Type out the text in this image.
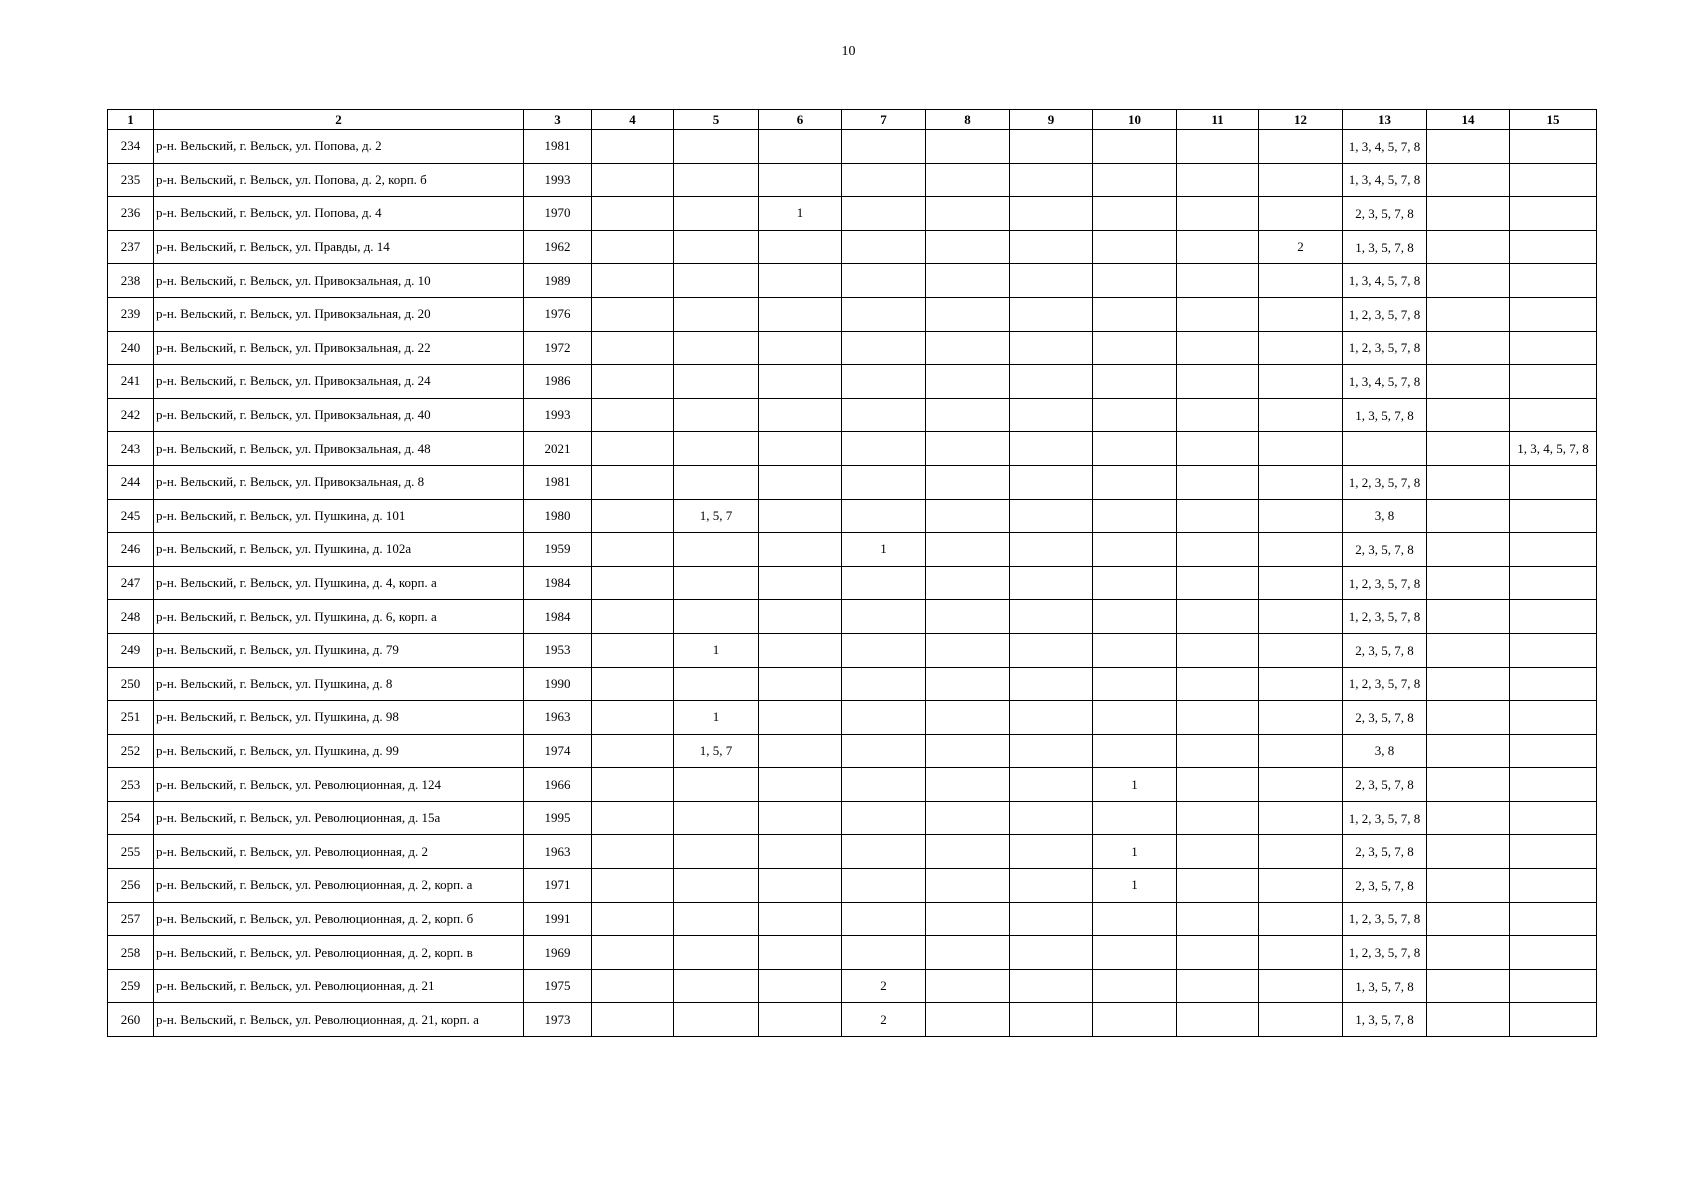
10
1	2	3	4	5	6	7	8	9	10	11	12	13	14	15
234	р-н. Вельский, г. Вельск, ул. Попова, д. 2	1981										1, 3, 4, 5, 7, 8		
235	р-н. Вельский, г. Вельск, ул. Попова, д. 2, корп. б	1993										1, 3, 4, 5, 7, 8		
236	р-н. Вельский, г. Вельск, ул. Попова, д. 4	1970			1							2, 3, 5, 7, 8		
237	р-н. Вельский, г. Вельск, ул. Правды, д. 14	1962									2	1, 3, 5, 7, 8		
238	р-н. Вельский, г. Вельск, ул. Привокзальная, д. 10	1989										1, 3, 4, 5, 7, 8		
239	р-н. Вельский, г. Вельск, ул. Привокзальная, д. 20	1976										1, 2, 3, 5, 7, 8		
240	р-н. Вельский, г. Вельск, ул. Привокзальная, д. 22	1972										1, 2, 3, 5, 7, 8		
241	р-н. Вельский, г. Вельск, ул. Привокзальная, д. 24	1986										1, 3, 4, 5, 7, 8		
242	р-н. Вельский, г. Вельск, ул. Привокзальная, д. 40	1993										1, 3, 5, 7, 8		
243	р-н. Вельский, г. Вельск, ул. Привокзальная, д. 48	2021												1, 3, 4, 5, 7, 8
244	р-н. Вельский, г. Вельск, ул. Привокзальная, д. 8	1981										1, 2, 3, 5, 7, 8		
245	р-н. Вельский, г. Вельск, ул. Пушкина, д. 101	1980		1, 5, 7								3, 8		
246	р-н. Вельский, г. Вельск, ул. Пушкина, д. 102а	1959				1						2, 3, 5, 7, 8		
247	р-н. Вельский, г. Вельск, ул. Пушкина, д. 4, корп. а	1984										1, 2, 3, 5, 7, 8		
248	р-н. Вельский, г. Вельск, ул. Пушкина, д. 6, корп. а	1984										1, 2, 3, 5, 7, 8		
249	р-н. Вельский, г. Вельск, ул. Пушкина, д. 79	1953		1								2, 3, 5, 7, 8		
250	р-н. Вельский, г. Вельск, ул. Пушкина, д. 8	1990										1, 2, 3, 5, 7, 8		
251	р-н. Вельский, г. Вельск, ул. Пушкина, д. 98	1963		1								2, 3, 5, 7, 8		
252	р-н. Вельский, г. Вельск, ул. Пушкина, д. 99	1974		1, 5, 7								3, 8		
253	р-н. Вельский, г. Вельск, ул. Революционная, д. 124	1966							1			2, 3, 5, 7, 8		
254	р-н. Вельский, г. Вельск, ул. Революционная, д. 15а	1995										1, 2, 3, 5, 7, 8		
255	р-н. Вельский, г. Вельск, ул. Революционная, д. 2	1963							1			2, 3, 5, 7, 8		
256	р-н. Вельский, г. Вельск, ул. Революционная, д. 2, корп. а	1971							1			2, 3, 5, 7, 8		
257	р-н. Вельский, г. Вельск, ул. Революционная, д. 2, корп. б	1991										1, 2, 3, 5, 7, 8		
258	р-н. Вельский, г. Вельск, ул. Революционная, д. 2, корп. в	1969										1, 2, 3, 5, 7, 8		
259	р-н. Вельский, г. Вельск, ул. Революционная, д. 21	1975				2						1, 3, 5, 7, 8		
260	р-н. Вельский, г. Вельск, ул. Революционная, д. 21, корп. а	1973				2						1, 3, 5, 7, 8		
